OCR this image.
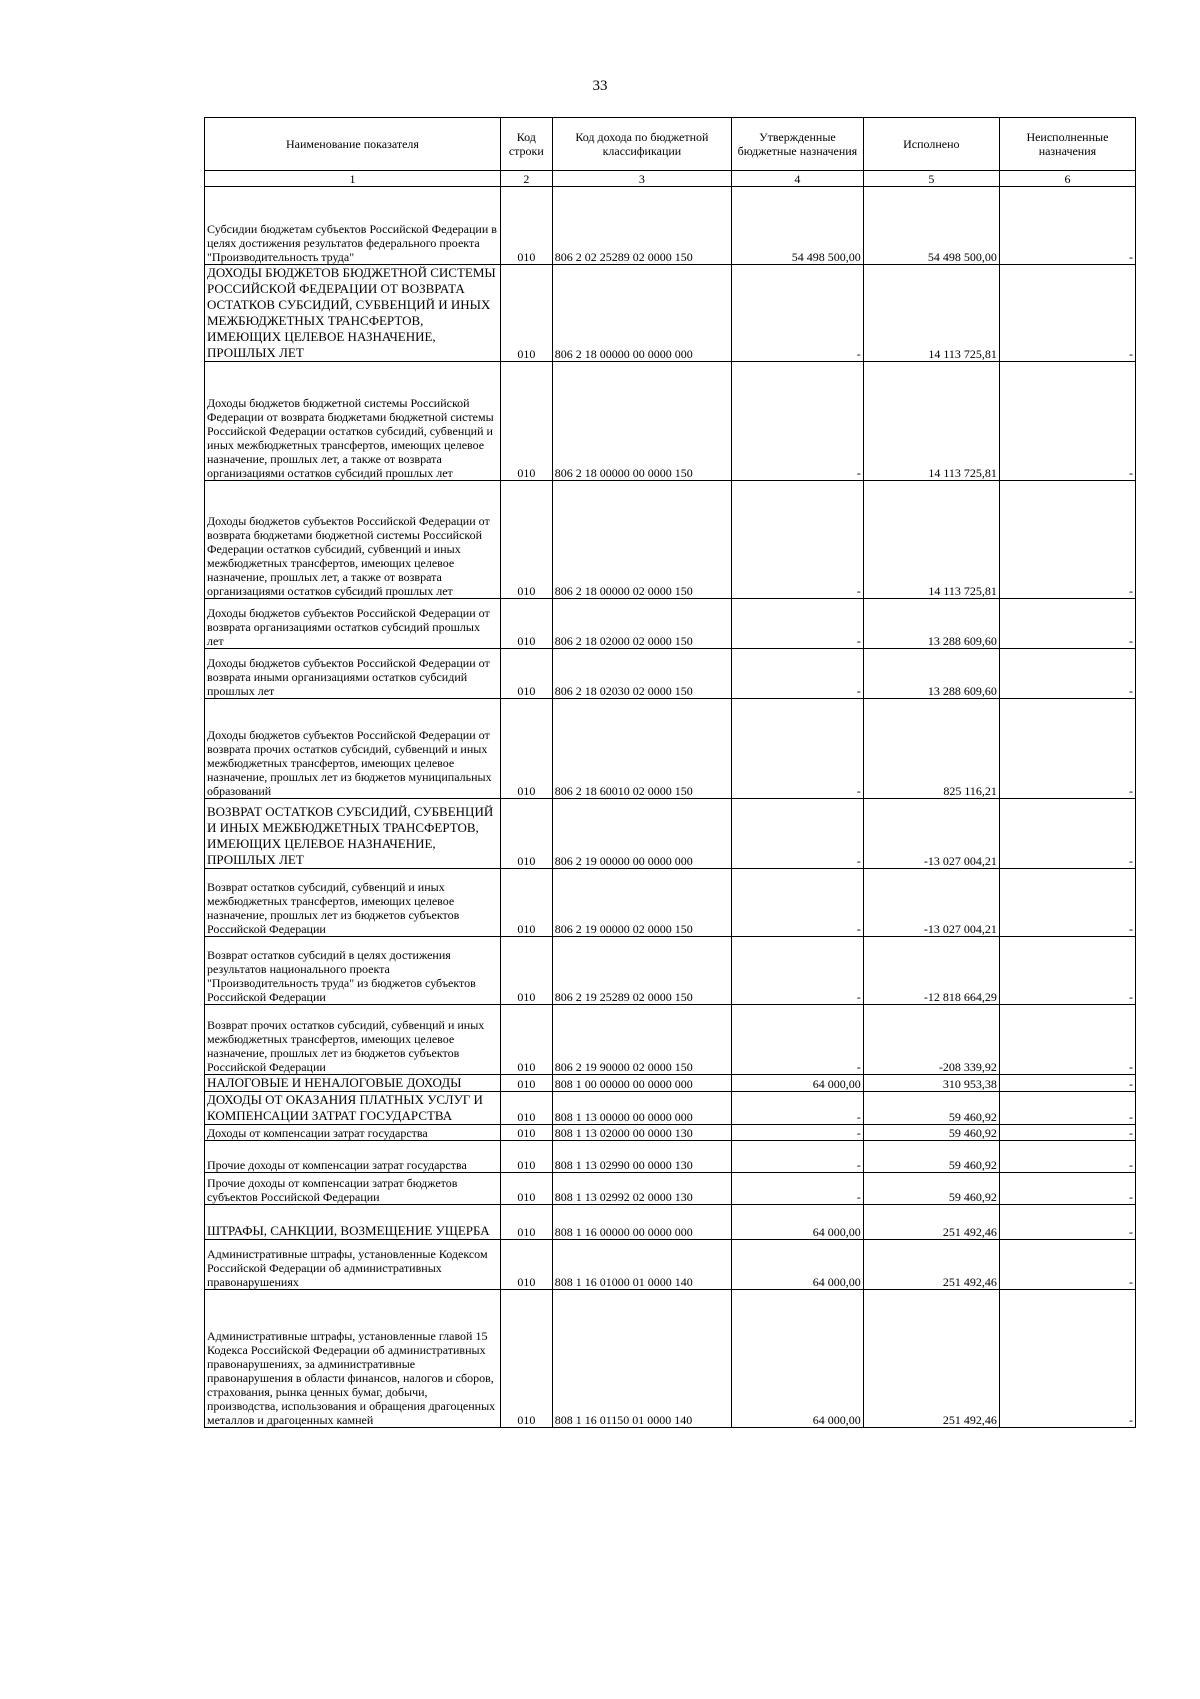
33
Наименование показателя	Код строки	Код дохода по бюджетной классификации	Утвержденные бюджетные назначения	Исполнено	Неисполненные назначения
1	2	3	4	5	6
Субсидии бюджетам субъектов Российской Федерации в целях достижения результатов федерального проекта "Производительность труда"	010	806 2 02 25289 02 0000 150	54 498 500,00	54 498 500,00	-
ДОХОДЫ БЮДЖЕТОВ БЮДЖЕТНОЙ СИСТЕМЫ РОССИЙСКОЙ ФЕДЕРАЦИИ ОТ ВОЗВРАТА ОСТАТКОВ СУБСИДИЙ, СУБВЕНЦИЙ И ИНЫХ МЕЖБЮДЖЕТНЫХ ТРАНСФЕРТОВ, ИМЕЮЩИХ ЦЕЛЕВОЕ НАЗНАЧЕНИЕ, ПРОШЛЫХ ЛЕТ	010	806 2 18 00000 00 0000 000	-	14 113 725,81	-
Доходы бюджетов бюджетной системы Российской Федерации от возврата бюджетами бюджетной системы Российской Федерации остатков субсидий, субвенций и иных межбюджетных трансфертов, имеющих целевое назначение, прошлых лет, а также от возврата организациями остатков субсидий прошлых лет	010	806 2 18 00000 00 0000 150	-	14 113 725,81	-
Доходы бюджетов субъектов Российской Федерации от возврата бюджетами бюджетной системы Российской Федерации остатков субсидий, субвенций и иных межбюджетных трансфертов, имеющих целевое назначение, прошлых лет, а также от возврата организациями остатков субсидий прошлых лет	010	806 2 18 00000 02 0000 150	-	14 113 725,81	-
Доходы бюджетов субъектов Российской Федерации от возврата организациями остатков субсидий прошлых лет	010	806 2 18 02000 02 0000 150	-	13 288 609,60	-
Доходы бюджетов субъектов Российской Федерации от возврата иными организациями остатков субсидий прошлых лет	010	806 2 18 02030 02 0000 150	-	13 288 609,60	-
Доходы бюджетов субъектов Российской Федерации от возврата прочих остатков субсидий, субвенций и иных межбюджетных трансфертов, имеющих целевое назначение, прошлых лет из бюджетов муниципальных образований	010	806 2 18 60010 02 0000 150	-	825 116,21	-
ВОЗВРАТ ОСТАТКОВ СУБСИДИЙ, СУБВЕНЦИЙ И ИНЫХ МЕЖБЮДЖЕТНЫХ ТРАНСФЕРТОВ, ИМЕЮЩИХ ЦЕЛЕВОЕ НАЗНАЧЕНИЕ, ПРОШЛЫХ ЛЕТ	010	806 2 19 00000 00 0000 000	-	-13 027 004,21	-
Возврат остатков субсидий, субвенций и иных межбюджетных трансфертов, имеющих целевое назначение, прошлых лет из бюджетов субъектов Российской Федерации	010	806 2 19 00000 02 0000 150	-	-13 027 004,21	-
Возврат остатков субсидий в целях достижения результатов национального проекта "Производительность труда" из бюджетов субъектов Российской Федерации	010	806 2 19 25289 02 0000 150	-	-12 818 664,29	-
Возврат прочих остатков субсидий, субвенций и иных межбюджетных трансфертов, имеющих целевое назначение, прошлых лет из бюджетов субъектов Российской Федерации	010	806 2 19 90000 02 0000 150	-	-208 339,92	-
НАЛОГОВЫЕ И НЕНАЛОГОВЫЕ ДОХОДЫ	010	808 1 00 00000 00 0000 000	64 000,00	310 953,38	-
ДОХОДЫ ОТ ОКАЗАНИЯ ПЛАТНЫХ УСЛУГ И КОМПЕНСАЦИИ ЗАТРАТ ГОСУДАРСТВА	010	808 1 13 00000 00 0000 000	-	59 460,92	-
Доходы от компенсации затрат государства	010	808 1 13 02000 00 0000 130	-	59 460,92	-
Прочие доходы от компенсации затрат государства	010	808 1 13 02990 00 0000 130	-	59 460,92	-
Прочие доходы от компенсации затрат бюджетов субъектов Российской Федерации	010	808 1 13 02992 02 0000 130	-	59 460,92	-
ШТРАФЫ, САНКЦИИ, ВОЗМЕЩЕНИЕ УЩЕРБА	010	808 1 16 00000 00 0000 000	64 000,00	251 492,46	-
Административные штрафы, установленные Кодексом Российской Федерации об административных правонарушениях	010	808 1 16 01000 01 0000 140	64 000,00	251 492,46	-
Административные штрафы, установленные главой 15 Кодекса Российской Федерации об административных правонарушениях, за административные правонарушения в области финансов, налогов и сборов, страхования, рынка ценных бумаг, добычи, производства, использования и обращения драгоценных металлов и драгоценных камней	010	808 1 16 01150 01 0000 140	64 000,00	251 492,46	-
